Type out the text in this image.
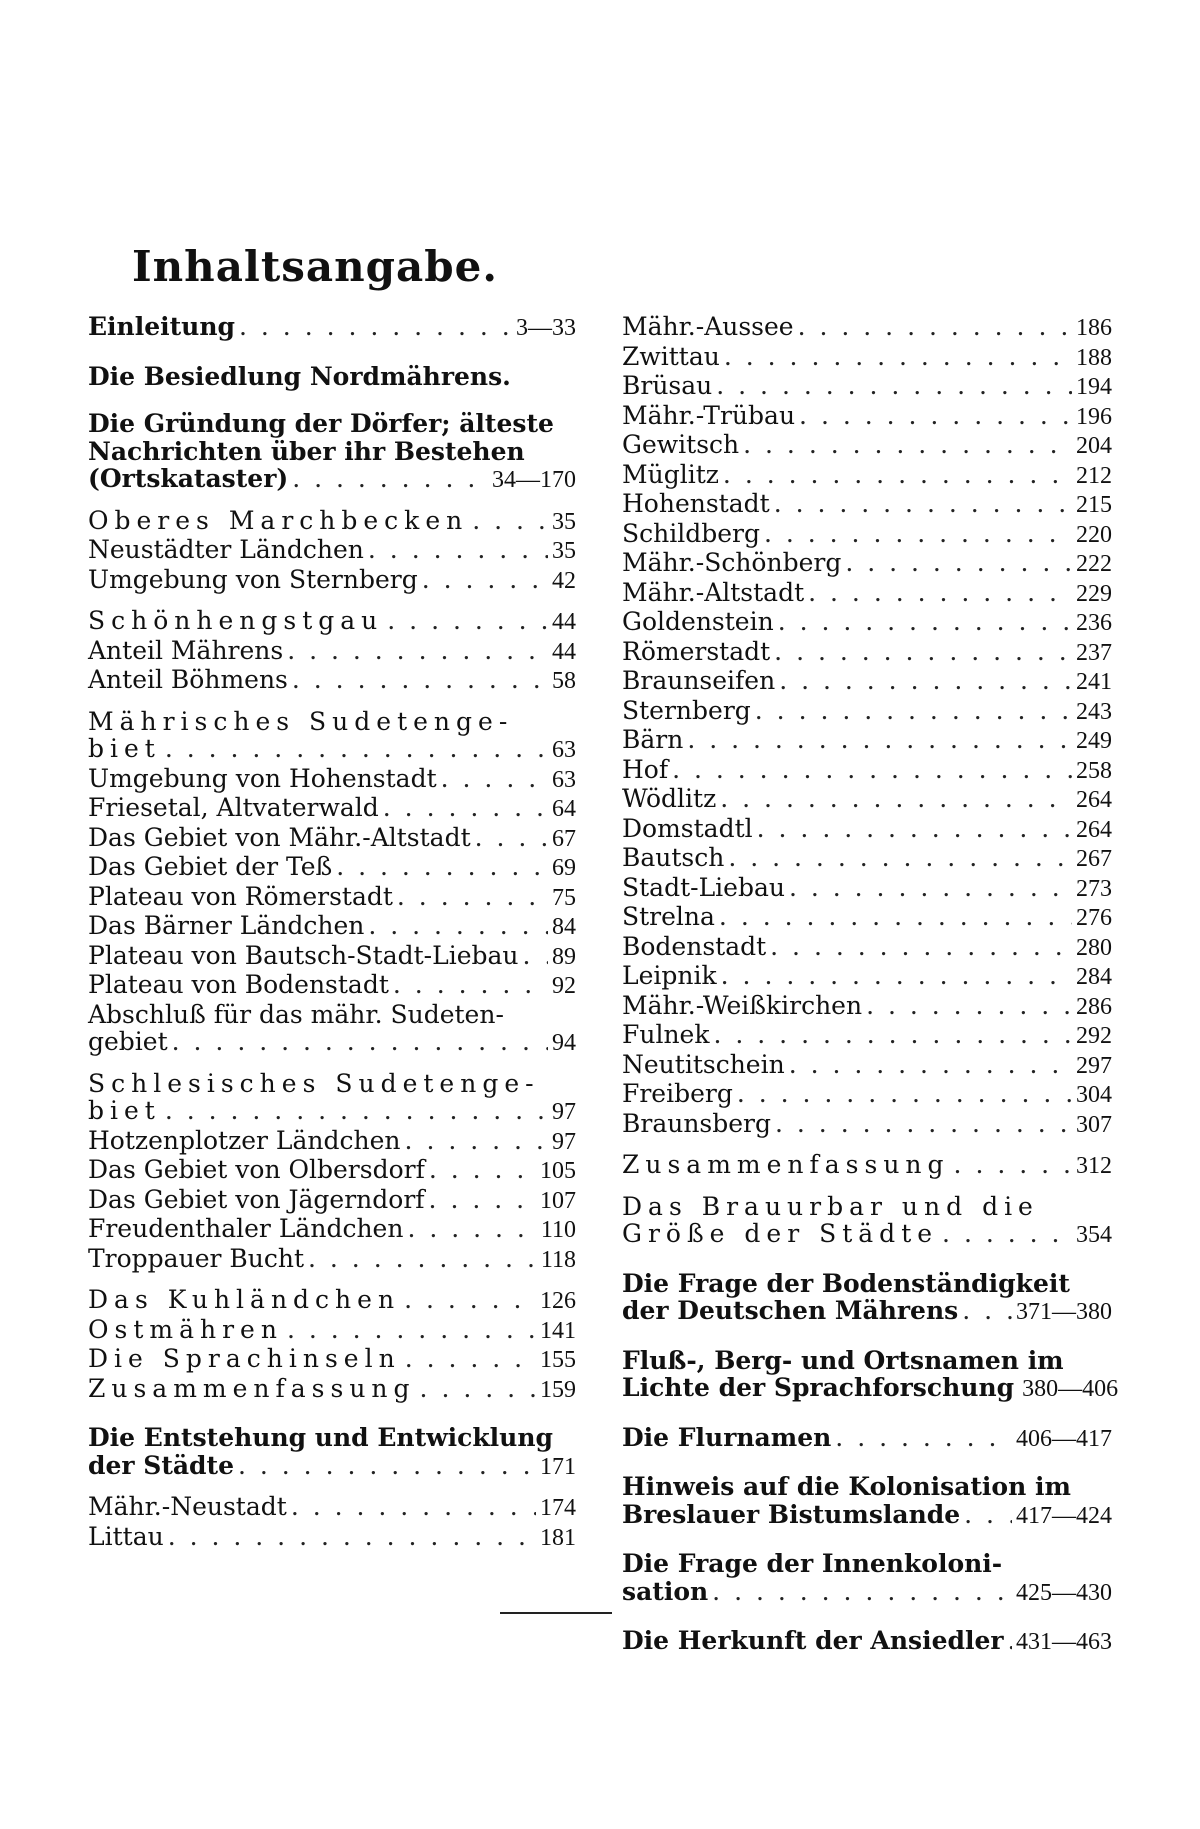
Inhaltsangabe.
Einleitung . . .	3—33
Die Besiedlung Nordmährens.
Die Gründung der Dörfer; älteste
Nachrichten über ihr Bestehen
(Ortskataster) . . .	34—170
Oberes Marchbecken . . .	35
Neustädter Ländchen . . .	35
Umgebung von Sternberg . . .	42
Schönhengstgau . . .	44
Anteil Mährens . . .	44
Anteil Böhmens . . .	58
Mährisches Sudetenge-
biet . . .	63
Umgebung von Hohenstadt . . .	63
Friesetal, Altvaterwald . . .	64
Das Gebiet von Mähr.-Altstadt . . .	67
Das Gebiet der Teß . . .	69
Plateau von Römerstadt . . .	75
Das Bärner Ländchen . . .	84
Plateau von Bautsch-Stadt-Liebau . . . 89
Plateau von Bodenstadt . . .	92
Abschluß für das mähr. Sudeten-
gebiet . . .	94
Schlesisches Sudetenge-
biet . . .	97
Hotzenplotzer Ländchen . . .	97
Das Gebiet von Olbersdorf . . .	105
Das Gebiet von Jägerndorf . . .	107
Freudenthaler Ländchen . . .	110
Troppauer Bucht . . .	118
Das Kuhländchen . . .	126
Ostmähren . . .	141
Die Sprachinseln . . .	155
Zusammenfassung . . .	159
Die Entstehung und Entwicklung
der Städte . . .	171
Mähr.-Neustadt . . .	174
Littau . . .	181
Mähr.-Aussee . . .	186
Zwittau . . .	188
Brüsau . . .	194
Mähr.-Trübau . . .	196
Gewitsch . . .	204
Müglitz . . .	212
Hohenstadt . . .	215
Schildberg . . .	220
Mähr.-Schönberg . . .	222
Mähr.-Altstadt . . .	229
Goldenstein . . .	236
Römerstadt . . .	237
Braunseifen . . .	241
Sternberg . . .	243
Bärn . . .	249
Hof . . .	258
Wödlitz . . .	264
Domstadtl . . .	264
Bautsch . . .	267
Stadt-Liebau . . .	273
Strelna . . .	276
Bodenstadt . . .	280
Leipnik . . .	284
Mähr.-Weißkirchen . . .	286
Fulnek . . .	292
Neutitschein . . .	297
Freiberg . . .	304
Braunsberg . . .	307
Zusammenfassung . . .	312
Das Brauurbar und die
Größe der Städte . . .	354
Die Frage der Bodenständigkeit
der Deutschen Mährens . . . 371—380
Fluß-, Berg- und Ortsnamen im
Lichte der Sprachforschung 380—406
Die Flurnamen . . .	406—417
Hinweis auf die Kolonisation im
Breslauer Bistumslande . . . 417—424
Die Frage der Innenkoloni-
sation . . .	425—430
Die Herkunft der Ansiedler . . . 431—463
